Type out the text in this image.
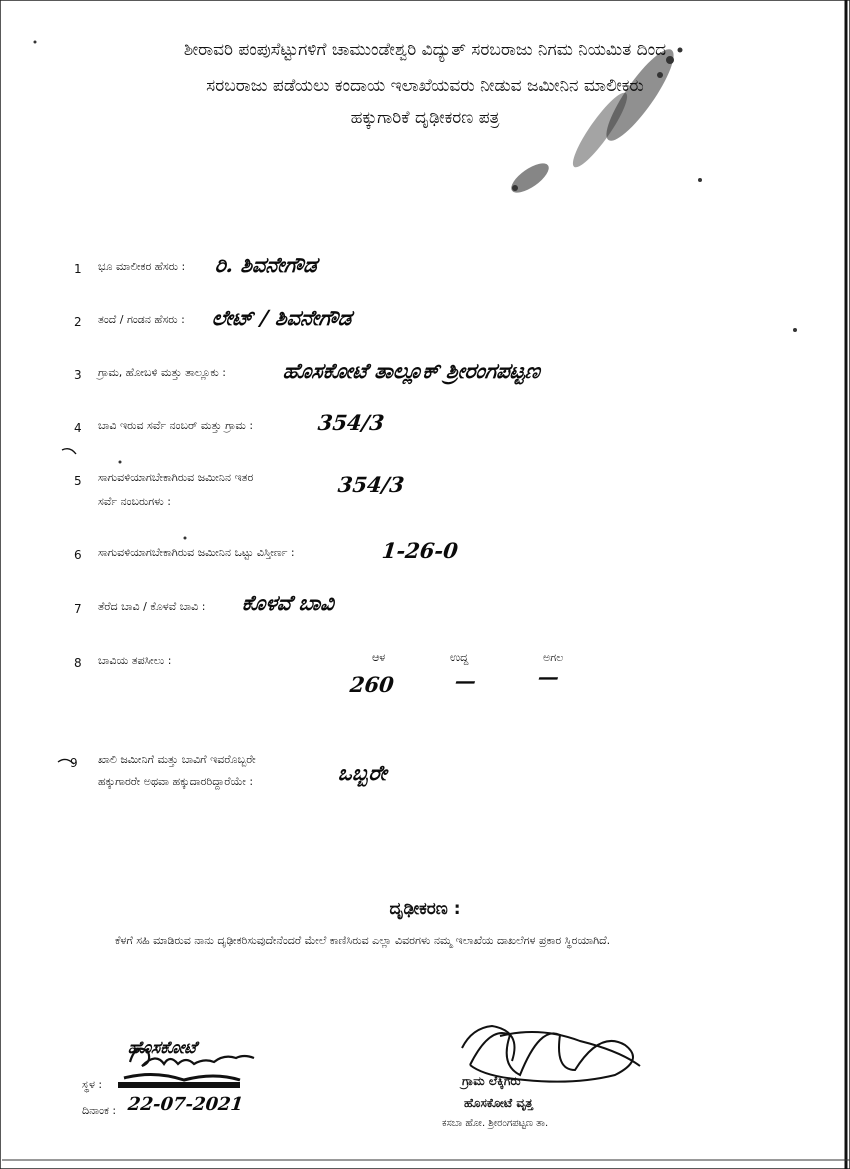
ಶೀರಾವರಿ ಪಂಪುಸೆಟ್ಟುಗಳಿಗೆ ಚಾಮುಂಡೇಶ್ವರಿ ವಿದ್ಯುತ್ ಸರಬರಾಜು ನಿಗಮ ನಿಯಮಿತ ದಿಂದ
ಸರಬರಾಜು ಪಡೆಯಲು ಕಂದಾಯ ಇಲಾಖೆಯವರು ನೀಡುವ ಜಮೀನಿನ ಮಾಲೀಕರು
ಹಕ್ಕುಗಾರಿಕೆ ದೃಢೀಕರಣ ಪತ್ರ
1 ಭೂ ಮಾಲೀಕರ ಹೆಸರು : ರಿ. ಶಿವನೇಗೌಡ
2 ತಂದೆ / ಗಂಡನ ಹೆಸರು : ಲೇಟ್ / ಶಿವನೇಗೌಡ
3 ಗ್ರಾಮ, ಹೋಬಳಿ ಮತ್ತು ತಾಲ್ಲೂಕು :	ಹೊಸಕೋಟೆ ತಾಲ್ಲೂಕ್ ಶ್ರೀರಂಗಪಟ್ಟಣ
4 ಬಾವಿ ಇರುವ ಸರ್ವೆ ನಂಬರ್ ಮತ್ತು ಗ್ರಾಮ :	354/3
5 ಸಾಗುವಳಿಯಾಗಬೇಕಾಗಿರುವ ಜಮೀನಿನ ಇತರ
ಸರ್ವೆ ನಂಬರುಗಳು :
354/3
6 ಸಾಗುವಳಿಯಾಗಬೇಕಾಗಿರುವ ಜಮೀನಿನ ಒಟ್ಟು ವಿಸ್ತೀರ್ಣ :	1-26-0
7 ತೆರೆದ ಬಾವಿ / ಕೊಳವೆ ಬಾವಿ : ಕೊಳವೆ ಬಾವಿ
8 ಬಾವಿಯ ತಪಸೀಲು :	ಆಳ	ಉದ್ದ	ಅಗಲ
260	—	—
9 ಖಾಲಿ ಜಮೀನಿಗೆ ಮತ್ತು ಬಾವಿಗೆ ಇವರೊಬ್ಬರೇ
ಹಕ್ಕುಗಾರರೇ ಅಥವಾ ಹಕ್ಕುದಾರರಿದ್ದಾರೆಯೇ :	ಒಬ್ಬರೇ
ದೃಢೀಕರಣ :
ಕೆಳಗೆ ಸಹಿ ಮಾಡಿರುವ ನಾನು ದೃಢೀಕರಿಸುವುದೇನೆಂದರೆ ಮೇಲೆ ಕಾಣಿಸಿರುವ ಎಲ್ಲಾ ವಿವರಗಳು ನಮ್ಮ ಇಲಾಖೆಯ ದಾಖಲೆಗಳ ಪ್ರಕಾರ ಸ್ಥಿರಯಾಗಿದೆ.
ಹೊಸಕೋಟೆ
ಸ್ಥಳ :
ದಿನಾಂಕ : 22-07-2021
ಗ್ರಾಮ ಲೆಕ್ಕಿಗರು
ಹೊಸಕೋಟೆ ವೃತ್ತ
ಕಸಬಾ ಹೋ. ಶ್ರೀರಂಗಪಟ್ಟಣ ತಾ.
